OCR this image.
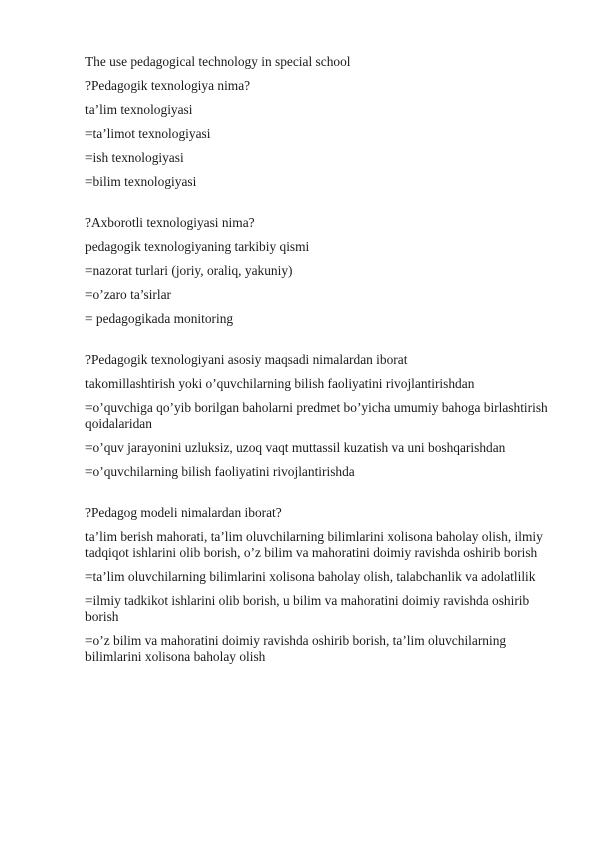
The use pedagogical technology in special school

?Pedagogik texnologiya nima?

ta’lim texnologiyasi

=ta’limot texnologiyasi

=ish texnologiyasi

=bilim texnologiyasi

?Axborotli texnologiyasi nima?

pedagogik texnologiyaning tarkibiy qismi

=nazorat turlari (joriy, oraliq, yakuniy)

=o’zaro ta’sirlar

= pedagogikada monitoring

?Pedagogik texnologiyani asosiy maqsadi nimalardan iborat

takomillashtirish yoki o’quvchilarning bilish faoliyatini rivojlantirishdan

=o’quvchiga qo’yib borilgan baholarni predmet bo’yicha umumiy bahoga birlashtirish qoidalaridan

=o’quv jarayonini uzluksiz, uzoq vaqt muttassil kuzatish va uni boshqarishdan

=o’quvchilarning bilish faoliyatini rivojlantirishda

?Pedagog modeli nimalardan iborat?

ta’lim berish mahorati, ta’lim oluvchilarning bilimlarini xolisona baholay olish, ilmiy tadqiqot ishlarini olib borish, o’z bilim va mahoratini doimiy ravishda oshirib borish

=ta’lim oluvchilarning bilimlarini xolisona baholay olish, talabchanlik va adolatlilik

=ilmiy tadkikot ishlarini olib borish, u bilim va mahoratini doimiy ravishda oshirib borish

=o’z bilim va mahoratini doimiy ravishda oshirib borish, ta’lim oluvchilarning bilimlarini xolisona baholay olish
